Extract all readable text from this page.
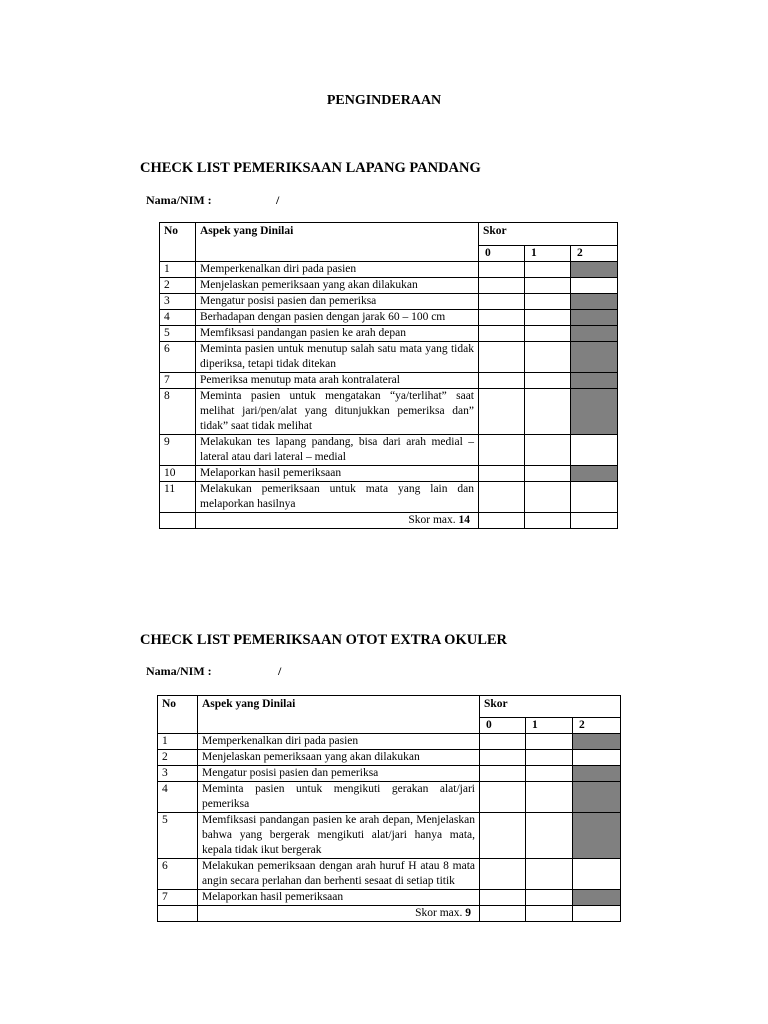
PENGINDERAAN
CHECK LIST PEMERIKSAAN LAPANG PANDANG
Nama/NIM :	/
No	Aspek yang Dinilai	Skor		
		0	1	2
1	Memperkenalkan diri pada pasien			
2	Menjelaskan pemeriksaan yang akan dilakukan			
3	Mengatur posisi pasien dan pemeriksa			
4	Berhadapan dengan pasien dengan jarak 60 – 100 cm			
5	Memfiksasi pandangan pasien ke arah depan			
6	Meminta pasien untuk menutup salah satu mata yang tidak diperiksa, tetapi tidak ditekan			
7	Pemeriksa menutup mata arah kontralateral			
8	Meminta pasien untuk mengatakan “ya/terlihat” saat melihat jari/pen/alat yang ditunjukkan pemeriksa dan” tidak” saat tidak melihat			
9	Melakukan tes lapang pandang, bisa dari arah medial – lateral atau dari lateral – medial			
10	Melaporkan hasil pemeriksaan			
11	Melakukan pemeriksaan untuk mata yang lain dan melaporkan hasilnya			
	Skor max. 14			
CHECK LIST PEMERIKSAAN OTOT EXTRA OKULER
Nama/NIM :	/
No	Aspek yang Dinilai	Skor		
		0	1	2
1	Memperkenalkan diri pada pasien			
2	Menjelaskan pemeriksaan yang akan dilakukan			
3	Mengatur posisi pasien dan pemeriksa			
4	Meminta pasien untuk mengikuti gerakan alat/jari pemeriksa			
5	Memfiksasi pandangan pasien ke arah depan, Menjelaskan bahwa yang bergerak mengikuti alat/jari hanya mata, kepala tidak ikut bergerak			
6	Melakukan pemeriksaan dengan arah huruf H atau 8 mata angin secara perlahan dan berhenti sesaat di setiap titik			
7	Melaporkan hasil pemeriksaan			
	Skor max. 9			
